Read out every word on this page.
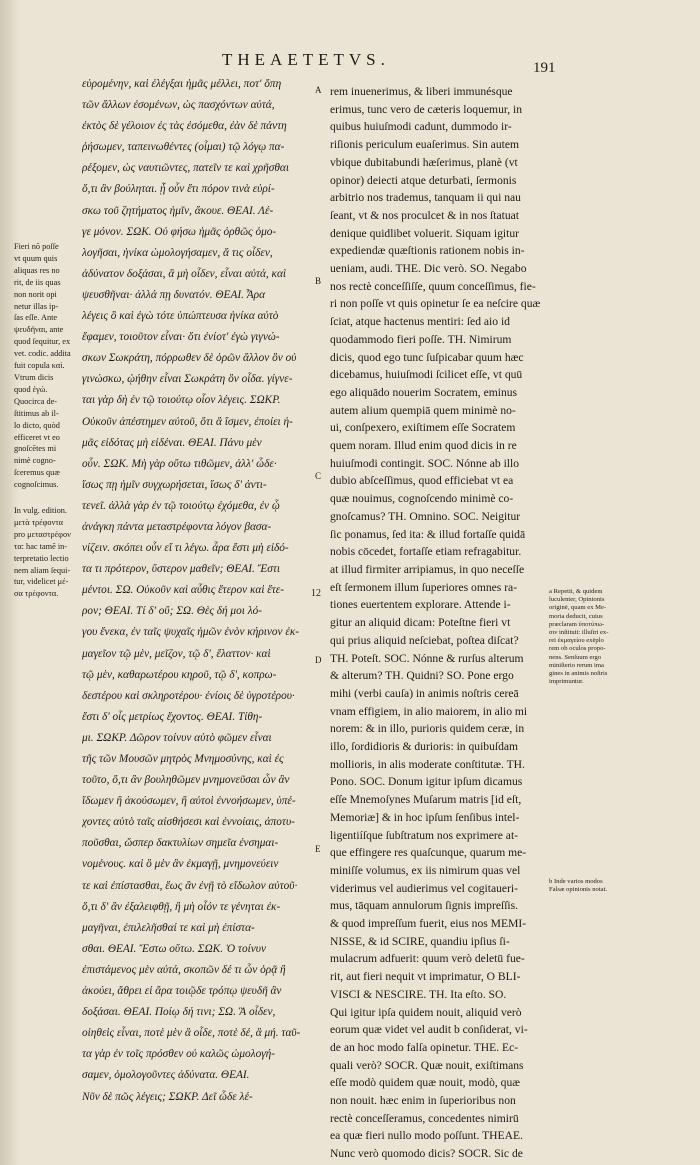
THEAETETVS.	191
εὑρομένην, καὶ ἐλέγξαι ἡμᾶς μέλλει, ποτ' ὅπη
τῶν ἄλλων ἐσομένων, ὡς πασχόντων αὐτά,
ἐκτὸς δὲ γέλοιον ἐς τὰς ἐσόμεθα, ἐὰν δὲ πάντη
ῥήσωμεν, ταπεινωθέντες (οἶμαι) τῷ λόγῳ πα-
ρέξομεν, ὡς ναυτιῶντες, πατεῖν τε καὶ χρῆσθαι
ὅ,τι ἂν βούληται. ᾗ οὖν ἔτι πόρον τινὰ εὑρί-
σκω τοῦ ζητήματος ἡμῖν, ἄκουε. ΘΕΑΙ. Λέ-
γε μόνον. ΣΩΚ. Οὐ φήσω ἡμᾶς ὀρθῶς ὁμο-
λογῆσαι, ἡνίκα ὡμολογήσαμεν, ἅ τις οἶδεν,
ἀδύνατον δοξάσαι, ἃ μὴ οἶδεν, εἶναι αὐτά, καὶ
ψευσθῆναι· ἀλλά πῃ δυνατόν. ΘΕΑΙ. Ἆρα
λέγεις ὃ καὶ ἐγὼ τότε ὑπώπτευσα ἡνίκα αὐτὸ
ἔφαμεν, τοιοῦτον εἶναι· ὅτι ἐνίοτ' ἐγὼ γιγνώ-
σκων Σωκράτη, πόρρωθεν δὲ ὁρῶν ἄλλον ὃν οὐ
γινώσκω, ᾠήθην εἶναι Σωκράτη ὃν οἶδα. γίγνε-
ται γὰρ δὴ ἐν τῷ τοιούτῳ οἷον λέγεις. ΣΩΚΡ.
Οὐκοῦν ἀπέστημεν αὐτοῦ, ὅτι ἃ ἴσμεν, ἐποίει ἡ-
μᾶς εἰδότας μὴ εἰδέναι. ΘΕΑΙ. Πάνυ μὲν
οὖν. ΣΩΚ. Μὴ γὰρ οὕτω τιθῶμεν, ἀλλ' ὧδε·
ἴσως πῃ ἡμῖν συγχωρήσεται, ἴσως δ' ἀντι-
τενεῖ. ἀλλὰ γὰρ ἐν τῷ τοιούτῳ ἐχόμεθα, ἐν ᾧ
ἀνάγκη πάντα μεταστρέφοντα λόγον βασα-
νίζειν. σκόπει οὖν εἴ τι λέγω. ἆρα ἔστι μὴ εἰδό-
τα τι πρότερον, ὕστερον μαθεῖν; ΘΕΑΙ. Ἔστι
μέντοι. ΣΩ. Οὐκοῦν καὶ αὖθις ἕτερον καὶ ἕτε-
ρον; ΘΕΑΙ. Τί δ' οὔ; ΣΩ. Θὲς δή μοι λό-
γου ἕνεκα, ἐν ταῖς ψυχαῖς ἡμῶν ἐνὸν κήρινον ἐκ-
μαγεῖον τῷ μὲν, μεῖζον, τῷ δ', ἔλαττον· καὶ
τῷ μὲν, καθαρωτέρου κηροῦ, τῷ δ', κοπρω-
δεστέρου καὶ σκληροτέρου· ἐνίοις δὲ ὑγροτέρου·
ἔστι δ' οἷς μετρίως ἔχοντος. ΘΕΑΙ. Τίθη-
μι. ΣΩΚΡ. Δῶρον τοίνυν αὐτὸ φῶμεν εἶναι
τῆς τῶν Μουσῶν μητρὸς Μνημοσύνης, καὶ ἐς
τοῦτο, ὅ,τι ἂν βουληθῶμεν μνημονεῦσαι ὧν ἂν
ἴδωμεν ἢ ἀκούσωμεν, ἢ αὐτοὶ ἐννοήσωμεν, ὑπέ-
χοντες αὐτὸ ταῖς αἰσθήσεσι καὶ ἐννοίαις, ἀποτυ-
ποῦσθαι, ὥσπερ δακτυλίων σημεῖα ἐνσημαι-
νομένους. καὶ ὃ μὲν ἂν ἐκμαγῇ, μνημονεύειν
τε καὶ ἐπίστασθαι, ἕως ἂν ἐνῇ τὸ εἴδωλον αὐτοῦ·
ὅ,τι δ' ἂν ἐξαλειφθῇ, ἢ μὴ οἷόν τε γένηται ἐκ-
μαγῆναι, ἐπιλελῆσθαί τε καὶ μὴ ἐπίστα-
σθαι. ΘΕΑΙ. Ἔστω οὕτω. ΣΩΚ. Ὁ τοίνυν
ἐπιστάμενος μὲν αὐτά, σκοπῶν δέ τι ὧν ὁρᾷ ἢ
ἀκούει, ἄθρει εἰ ἄρα τοιῷδε τρόπῳ ψευδῆ ἂν
δοξάσαι. ΘΕΑΙ. Ποίῳ δή τινι; ΣΩ. Ἃ οἶδεν,
οἰηθεὶς εἶναι, ποτὲ μὲν ἃ οἶδε, ποτὲ δέ, ἃ μή. ταῦ-
τα γὰρ ἐν τοῖς πρόσθεν οὐ καλῶς ὡμολογή-
σαμεν, ὁμολογοῦντες ἀδύνατα. ΘΕΑΙ.
Νῦν δὲ πῶς λέγεις; ΣΩΚΡ. Δεῖ ὧδε λέ-
rem inuenerimus, & liberi immunésque
erimus, tunc vero de cæteris loquemur, in
quibus huiuſmodi cadunt, dummodo ir-
riſionis periculum euaſerimus. Sin autem
vbique dubitabundi hæſerimus, planè (vt
opinor) deiecti atque deturbati, ſermonis
arbitrio nos trademus, tanquam ii qui nau
ſeant, vt & nos proculcet & in nos ſtatuat
denique quidlibet voluerit. Siquam igitur
expediendæ quæſtionis rationem nobis in-
ueniam, audi. THE. Dic verò. SO. Negabo
nos rectè conceſſiſſe, quum conceſſimus, fie-
ri non poſſe vt quis opinetur ſe ea neſcire quæ
ſciat, atque hactenus mentiri: ſed aio id
quodammodo fieri poſſe. TH. Nimirum
dicis, quod ego tunc ſuſpicabar quum hæc
dicebamus, huiuſmodi ſcilicet eſſe, vt quū
ego aliquādo nouerim Socratem, eminus
autem alium quempiā quem minimè no-
ui, conſpexero, exiſtimem eſſe Socratem
quem noram. Illud enim quod dicis in re
huiuſmodi contingit. SOC. Nónne ab illo
dubio abſceſſimus, quod efficiebat vt ea
quæ nouimus, cognoſcendo minimè co-
gnoſcamus? TH. Omnino. SOC. Neigitur
ſic ponamus, ſed ita: & illud fortaſſe quidā
nobis cōcedet, fortaſſe etiam refragabitur.
at illud firmiter arripiamus, in quo neceſſe
eſt ſermonem illum ſuperiores omnes ra-
tiones euertentem explorare. Attende i-
gitur an aliquid dicam: Poteſtne fieri vt
qui prius aliquid neſciebat, poſtea diſcat?
TH. Poteſt. SOC. Nónne & rurſus alterum
& alterum? TH. Quidni? SO. Pone ergo
mihi (verbi cauſa) in animis noſtris cereā
vnam effigiem, in alio maiorem, in alio mi
norem: & in illo, purioris quidem ceræ, in
illo, ſordidioris & durioris: in quibuſdam
mollioris, in alis moderate conſtitutæ. TH.
Pono. SOC. Donum igitur ipſum dicamus
eſſe Mnemoſynes Muſarum matris [id eſt,
Memoriæ] & in hoc ipſum ſenſibus intel-
ligentiíſque ſubſtratum nos exprimere at-
que effingere res quaſcunque, quarum me-
miniſſe volumus, ex iis nimirum quas vel
viderimus vel audierimus vel cogitaueri-
mus, tāquam annulorum ſignis impreſſis.
& quod impreſſum fuerit, eius nos MEMI-
NISSE, & id SCIRE, quandiu ipſius ſi-
mulacrum adfuerit: quum verò deletū fue-
rit, aut fieri nequit vt imprimatur, O BLI-
VISCI & NESCIRE. TH. Ita eſto. SO.
Qui igitur ipſa quidem nouit, aliquid verò
eorum quæ videt vel audit b conſiderat, vi-
de an hoc modo falſa opinetur. THE. Ec-
quali verò? SOCR. Quæ nouit, exiſtimans
eſſe modò quidem quæ nouit, modò, quæ
non nouit. hæc enim in ſuperioribus non
rectè conceſſeramus, concedentes nimirū
ea quæ fieri nullo modo poſſunt. THEAE.
Nunc verò quomodo dicis? SOCR. Sic de
Fieri nō poſſe
vt quum quis
aliquas res no
rit, de iis quas
non norit opi
netur illas ip-
ſas eſſe. Ante
ψευδῆναι, ante
quod ſequitur, ex
vet. codic. addita
fuit copula καὶ.
Vtrum dicis
quod ἐγώ.
Quocirca de-
ſtitimus ab il-
lo dicto, quòd
efficeret vt eo
gnoſcētes mi
nimè cogno-
ſceremus quæ
cognoſcimus.
In vulg. edition.
μετὰ τρέφοντα
pro μεταστρέφον
τα: hac tamē in-
terpretatio lectio
nem aliam ſequi-
tur, videlicet μέ-
σα τρέφοντα.	a Repetit, & quidem
luculenter, Opinionis
originē, quam ex Me-
moria deducit, cuius
præclaram ὑποτύπω-
σιν inſtituit: illuſtri ex-
rei ἐκμαγείου exēplo
rem ob oculos propo-
nens. Senſuum ergo
miniſterio rerum ima
gines in animis noſtris
imprimuntur.
b Inde varios modos
Falsæ opinionis notat.
A
B
C
12
D
E
